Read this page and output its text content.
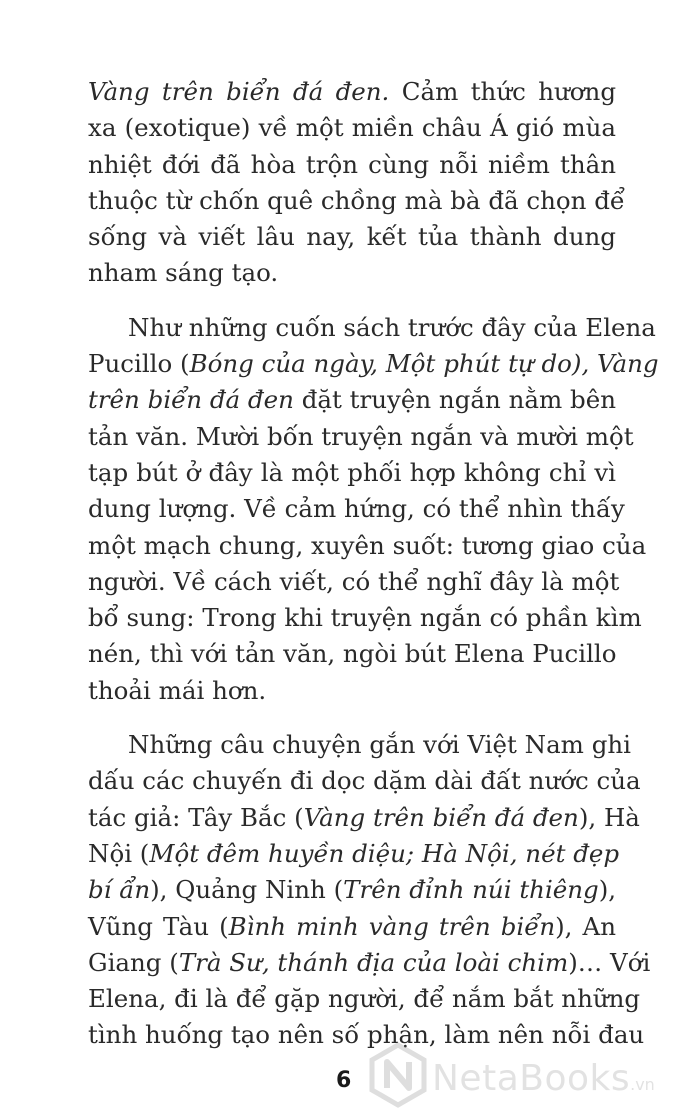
Vàng trên biển đá đen. Cảm thức hương
xa (exotique) về một miền châu Á gió mùa
nhiệt đới đã hòa trộn cùng nỗi niềm thân
thuộc từ chốn quê chồng mà bà đã chọn để
sống và viết lâu nay, kết tủa thành dung
nham sáng tạo.
Như những cuốn sách trước đây của Elena
Pucillo (Bóng của ngày, Một phút tự do), Vàng
trên biển đá đen đặt truyện ngắn nằm bên
tản văn. Mười bốn truyện ngắn và mười một
tạp bút ở đây là một phối hợp không chỉ vì
dung lượng. Về cảm hứng, có thể nhìn thấy
một mạch chung, xuyên suốt: tương giao của
người. Về cách viết, có thể nghĩ đây là một
bổ sung: Trong khi truyện ngắn có phần kìm
nén, thì với tản văn, ngòi bút Elena Pucillo
thoải mái hơn.
Những câu chuyện gắn với Việt Nam ghi
dấu các chuyến đi dọc dặm dài đất nước của
tác giả: Tây Bắc (Vàng trên biển đá đen), Hà
Nội (Một đêm huyền diệu; Hà Nội, nét đẹp
bí ẩn), Quảng Ninh (Trên đỉnh núi thiêng),
Vũng Tàu (Bình minh vàng trên biển), An
Giang (Trà Sư, thánh địa của loài chim)… Với
Elena, đi là để gặp người, để nắm bắt những
tình huống tạo nên số phận, làm nên nỗi đau
6 NetaBooks.vn
